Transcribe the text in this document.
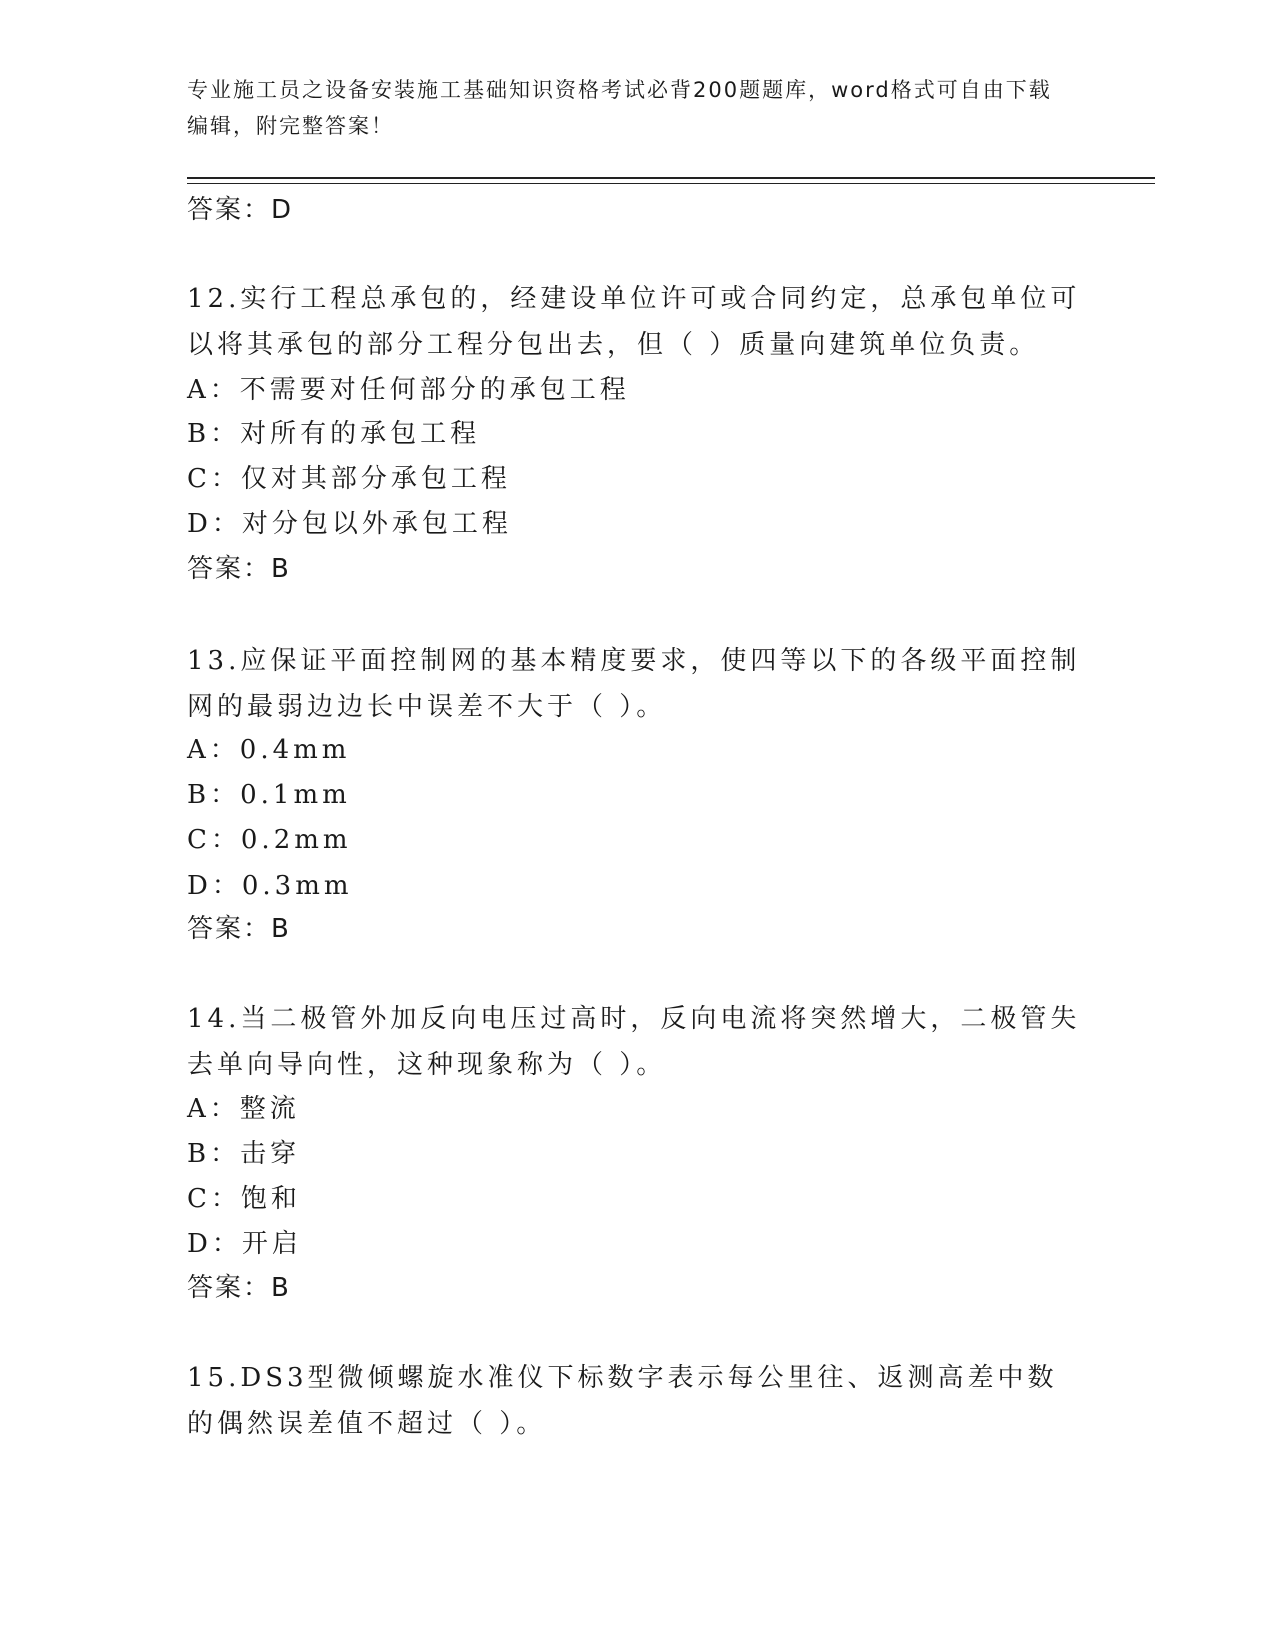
专业施工员之设备安装施工基础知识资格考试必背200题题库，word格式可自由下载编辑，附完整答案！

答案：D

12.实行工程总承包的，经建设单位许可或合同约定，总承包单位可以将其承包的部分工程分包出去，但（ ）质量向建筑单位负责。

A：不需要对任何部分的承包工程

B：对所有的承包工程

C：仅对其部分承包工程

D：对分包以外承包工程

答案：B

13.应保证平面控制网的基本精度要求，使四等以下的各级平面控制网的最弱边边长中误差不大于（ ）。

A：0.4mm

B：0.1mm

C：0.2mm

D：0.3mm

答案：B

14.当二极管外加反向电压过高时，反向电流将突然增大，二极管失去单向导向性，这种现象称为（ ）。

A：整流

B：击穿

C：饱和

D：开启

答案：B

15.DS3型微倾螺旋水准仪下标数字表示每公里往、返测高差中数的偶然误差值不超过（ ）。
